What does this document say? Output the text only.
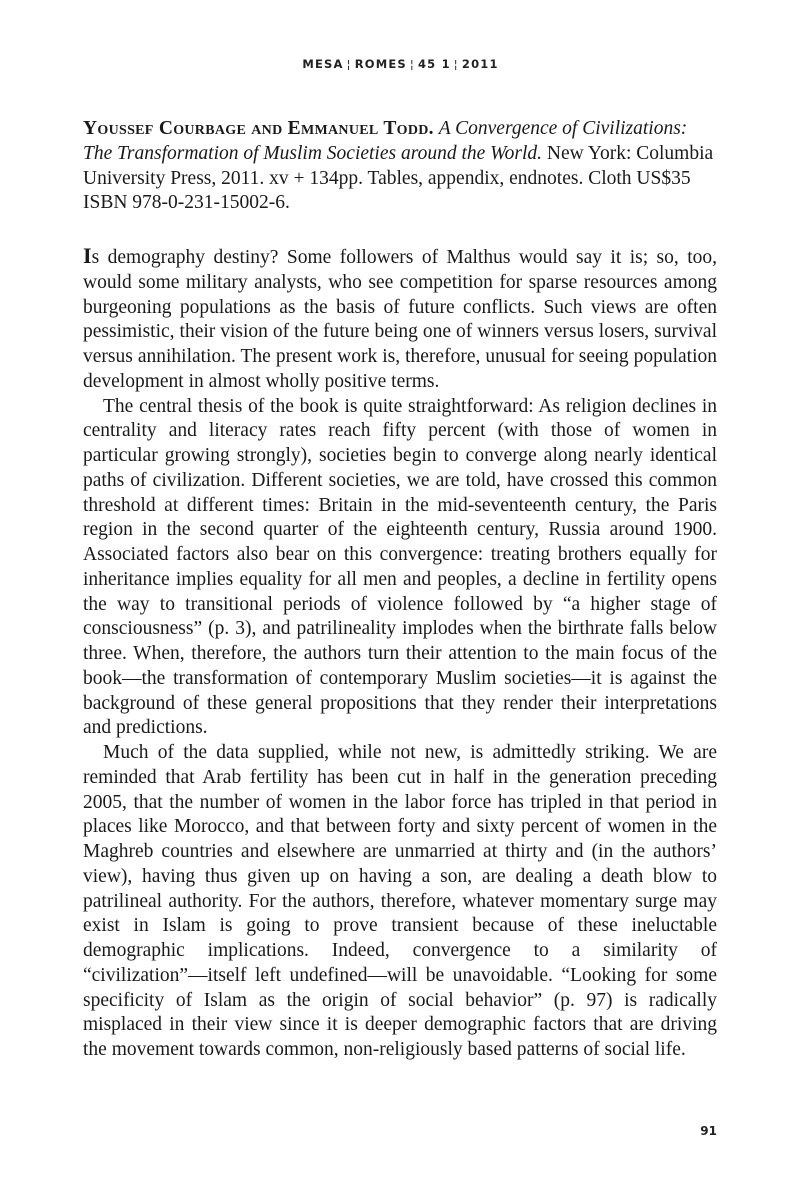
MESA ¦ ROMES ¦ 45 1 ¦ 2011
Youssef Courbage and Emmanuel Todd. A Convergence of Civilizations: The Transformation of Muslim Societies around the World. New York: Columbia University Press, 2011. xv + 134pp. Tables, appendix, endnotes. Cloth US$35 ISBN 978-0-231-15002-6.

Is demography destiny? Some followers of Malthus would say it is; so, too, would some military analysts, who see competition for sparse resources among burgeoning populations as the basis of future conflicts. Such views are often pessimistic, their vision of the future being one of winners versus losers, survival versus annihilation. The present work is, therefore, unusual for seeing population development in almost wholly positive terms.

The central thesis of the book is quite straightforward: As religion declines in centrality and literacy rates reach fifty percent (with those of women in particular growing strongly), societies begin to converge along nearly identical paths of civilization. Different societies, we are told, have crossed this common threshold at different times: Britain in the mid-seventeenth century, the Paris region in the second quarter of the eighteenth century, Russia around 1900. Associated factors also bear on this convergence: treating brothers equally for inheritance implies equality for all men and peoples, a decline in fertility opens the way to transitional periods of violence followed by “a higher stage of consciousness” (p. 3), and patrilineality implodes when the birthrate falls below three. When, therefore, the authors turn their attention to the main focus of the book—the transformation of contemporary Muslim societies—it is against the background of these general propositions that they render their interpretations and predictions.

Much of the data supplied, while not new, is admittedly striking. We are reminded that Arab fertility has been cut in half in the generation preceding 2005, that the number of women in the labor force has tripled in that period in places like Morocco, and that between forty and sixty percent of women in the Maghreb countries and elsewhere are unmarried at thirty and (in the authors’ view), having thus given up on having a son, are dealing a death blow to patrilineal authority. For the authors, therefore, whatever momentary surge may exist in Islam is going to prove transient because of these ineluctable demographic implications. Indeed, convergence to a similarity of “civilization”—itself left undefined—will be unavoidable. “Looking for some specificity of Islam as the origin of social behavior” (p. 97) is radically misplaced in their view since it is deeper demographic factors that are driving the movement towards common, non-religiously based patterns of social life.

91
